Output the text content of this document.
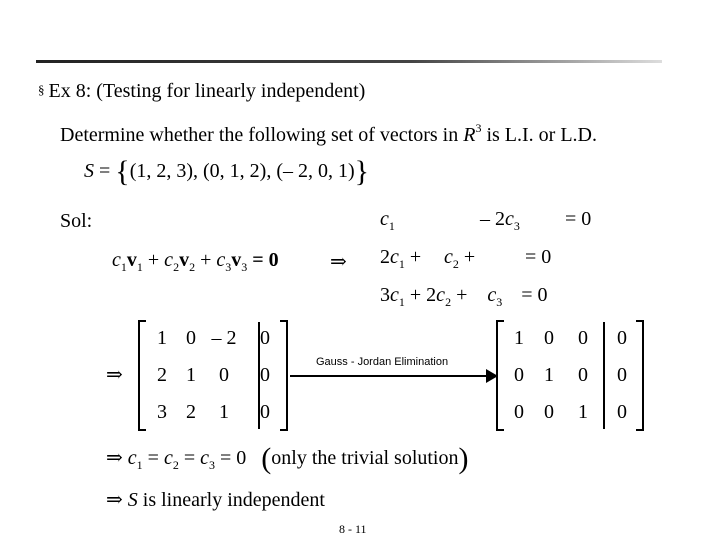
§ Ex 8: (Testing for linearly independent)
Determine whether the following set of vectors in $R^3$ is L.I. or L.D.
S = {(1, 2, 3), (0, 1, 2), (– 2, 0, 1)}
Sol:
$c_1v_1 + c_2v_2 + c_3v_3 = 0$	⇒
$c_1$	– $2c_3 = 0$
$2c_1 + c_2$ + = 0
$3c_1 + 2c_2 + c_3 = 0$
⇒
1 0 – 2	0
2 1	0	0
3 2	1	0
Gauss - Jordan Elimination
1	0	0	0
0	1	0	0
0	0	1	0
⇒ $c_1 = c_2 = c_3 = 0$ (only the trivial solution)
⇒ S is linearly independent
8 - 11
